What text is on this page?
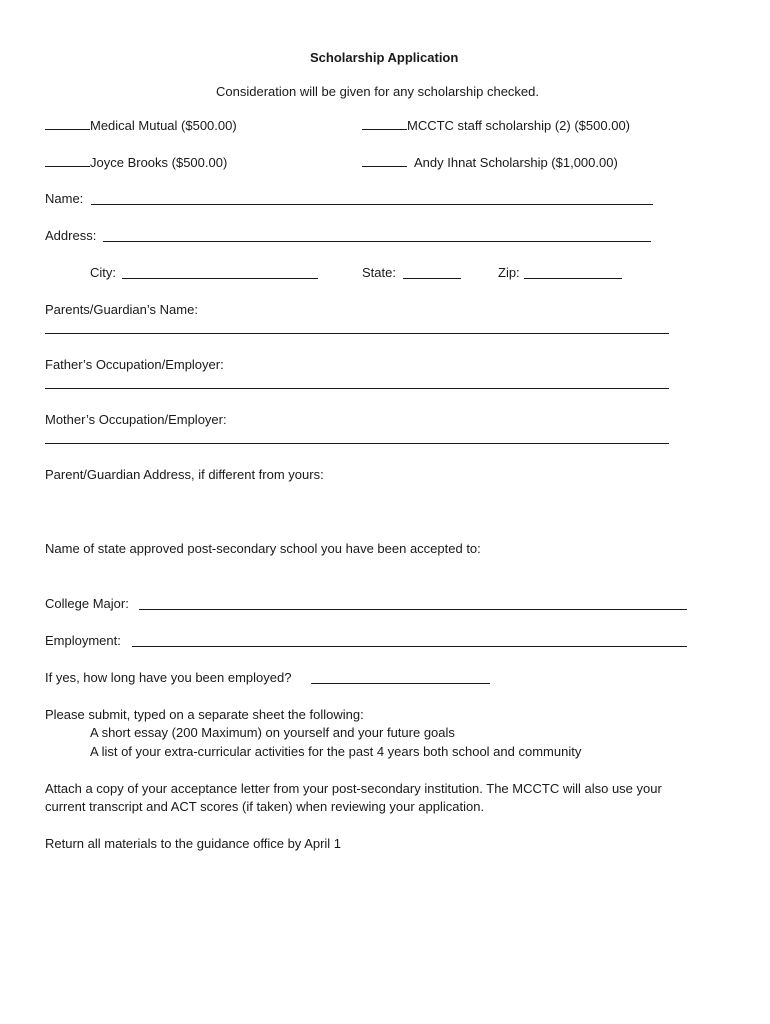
Scholarship Application
Consideration will be given for any scholarship checked.
Medical Mutual ($500.00)	MCCTC staff scholarship (2) ($500.00)
Joyce Brooks ($500.00)	Andy Ihnat Scholarship ($1,000.00)
Name:
Address:
City:	State:	Zip:
Parents/Guardian’s Name:
Father’s Occupation/Employer:
Mother’s Occupation/Employer:
Parent/Guardian Address, if different from yours:
Name of state approved post-secondary school you have been accepted to:
College Major:
Employment:
If yes, how long have you been employed?
Please submit, typed on a separate sheet the following:
A short essay (200 Maximum) on yourself and your future goals
A list of your extra-curricular activities for the past 4 years both school and community
Attach a copy of your acceptance letter from your post-secondary institution. The MCCTC will also use your
current transcript and ACT scores (if taken) when reviewing your application.
Return all materials to the guidance office by April 1
